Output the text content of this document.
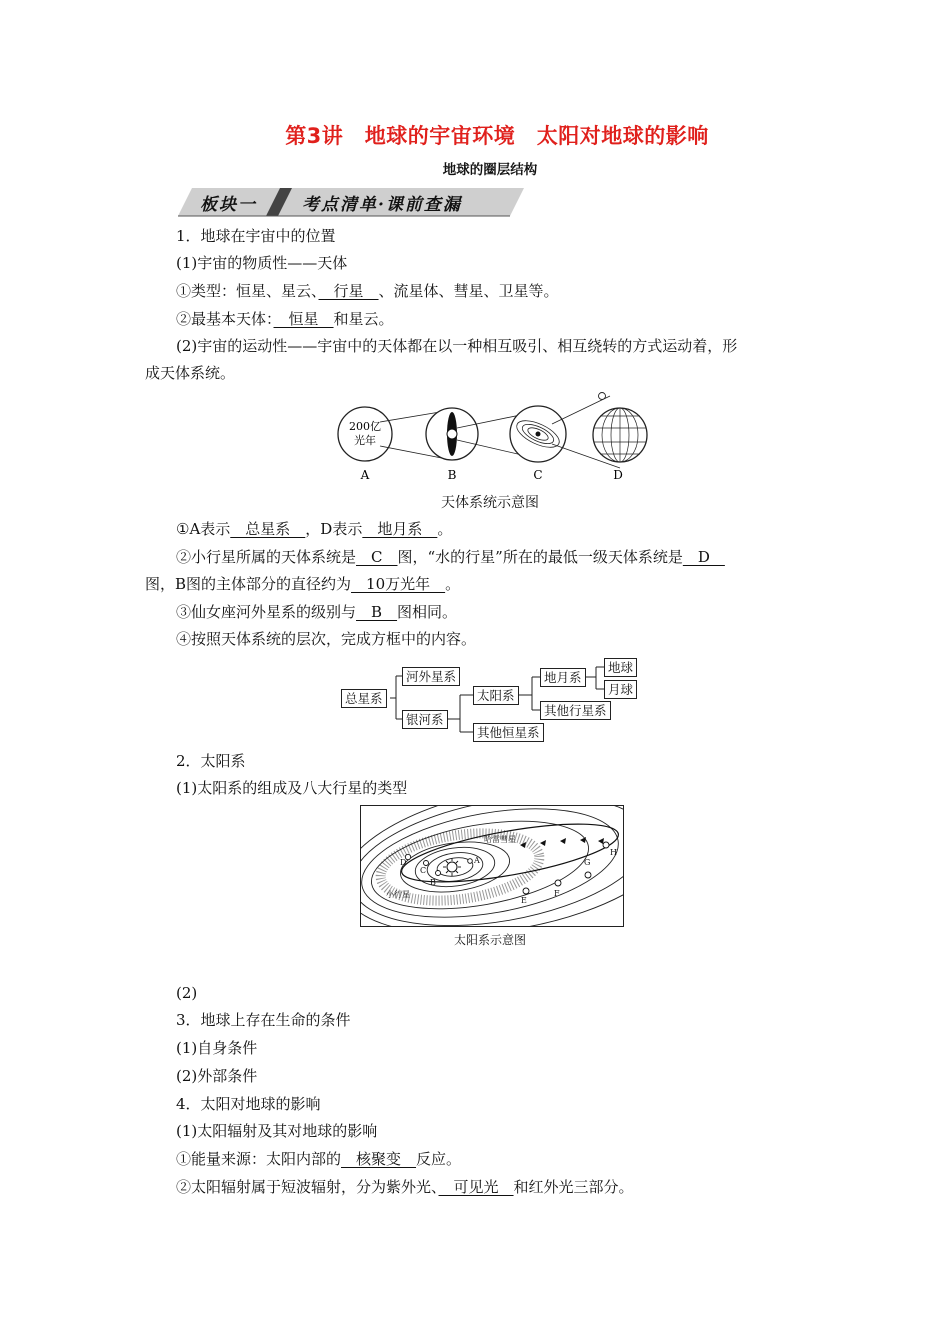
第3讲　地球的宇宙环境　太阳对地球的影响
地球的圈层结构
板块一	考点清单·课前查漏
1．地球在宇宙中的位置
(1)宇宙的物质性——天体
①类型：恒星、星云、　行星　、流星体、彗星、卫星等。
②最基本天体：　恒星　和星云。
(2)宇宙的运动性——宇宙中的天体都在以一种相互吸引、相互绕转的方式运动着，形
成天体系统。
200亿
光年
A	B	C	D
天体系统示意图
①A表示　总星系　，D表示　地月系　。
②小行星所属的天体系统是　C　图，“水的行星”所在的最低一级天体系统是　D　
图，B图的主体部分的直径约为　10万光年　。
③仙女座河外星系的级别与　B　图相同。
④按照天体系统的层次，完成方框中的内容。
总星系
河外星系
银河系
太阳系
其他恒星系
地月系
其他行星系
地球
月球
2．太阳系
(1)太阳系的组成及八大行星的类型
A
B
C
D
E
F
G
H
哈雷彗星
小行星
太阳系示意图
(2)
3．地球上存在生命的条件
(1)自身条件
(2)外部条件
4．太阳对地球的影响
(1)太阳辐射及其对地球的影响
①能量来源：太阳内部的　核聚变　反应。
②太阳辐射属于短波辐射，分为紫外光、　可见光　和红外光三部分。
